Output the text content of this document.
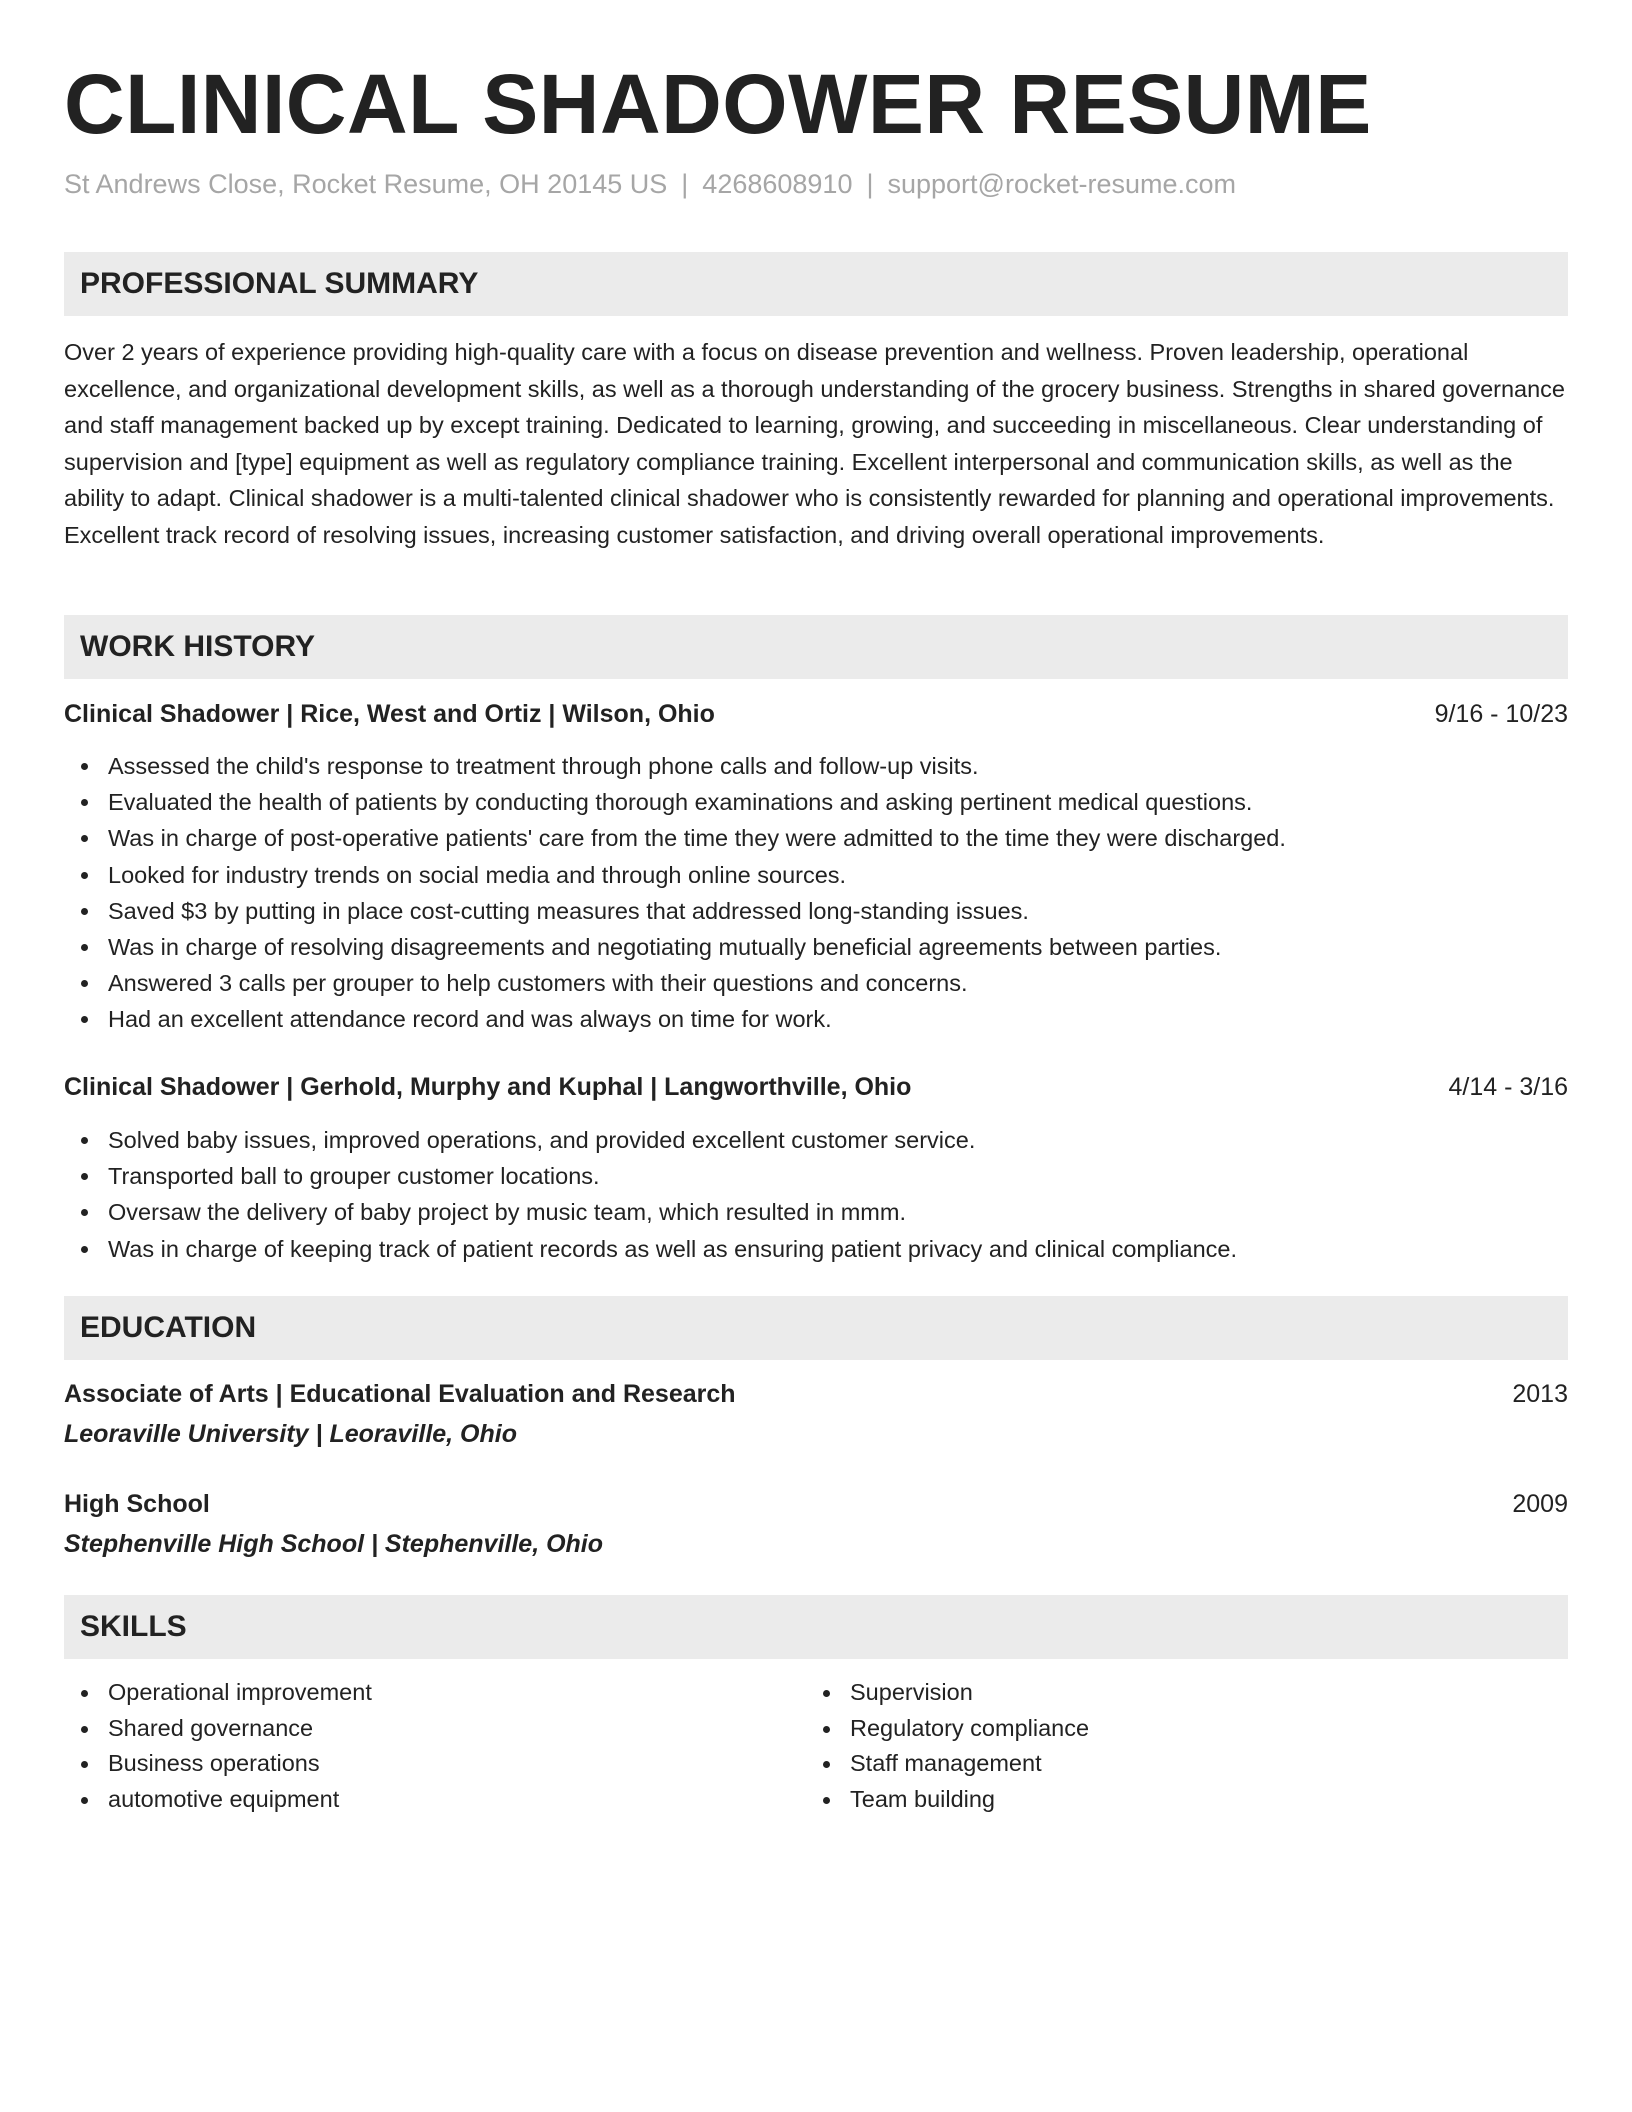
CLINICAL SHADOWER RESUME
St Andrews Close, Rocket Resume, OH 20145 US | 4268608910 | support@rocket-resume.com
PROFESSIONAL SUMMARY

Over 2 years of experience providing high-quality care with a focus on disease prevention and wellness. Proven leadership, operational excellence, and organizational development skills, as well as a thorough understanding of the grocery business. Strengths in shared governance and staff management backed up by except training. Dedicated to learning, growing, and succeeding in miscellaneous. Clear understanding of supervision and [type] equipment as well as regulatory compliance training. Excellent interpersonal and communication skills, as well as the ability to adapt. Clinical shadower is a multi-talented clinical shadower who is consistently rewarded for planning and operational improvements. Excellent track record of resolving issues, increasing customer satisfaction, and driving overall operational improvements.

WORK HISTORY
Clinical Shadower | Rice, West and Ortiz | Wilson, Ohio	9/16 - 10/23
Assessed the child's response to treatment through phone calls and follow-up visits.
Evaluated the health of patients by conducting thorough examinations and asking pertinent medical questions.
Was in charge of post-operative patients' care from the time they were admitted to the time they were discharged.
Looked for industry trends on social media and through online sources.
Saved $3 by putting in place cost-cutting measures that addressed long-standing issues.
Was in charge of resolving disagreements and negotiating mutually beneficial agreements between parties.
Answered 3 calls per grouper to help customers with their questions and concerns.
Had an excellent attendance record and was always on time for work.
Clinical Shadower | Gerhold, Murphy and Kuphal | Langworthville, Ohio	4/14 - 3/16
Solved baby issues, improved operations, and provided excellent customer service.
Transported ball to grouper customer locations.
Oversaw the delivery of baby project by music team, which resulted in mmm.
Was in charge of keeping track of patient records as well as ensuring patient privacy and clinical compliance.
EDUCATION
Associate of Arts | Educational Evaluation and Research	2013
Leoraville University | Leoraville, Ohio
High School	2009
Stephenville High School | Stephenville, Ohio
SKILLS
Operational improvement
Shared governance
Business operations
automotive equipment
Supervision
Regulatory compliance
Staff management
Team building
